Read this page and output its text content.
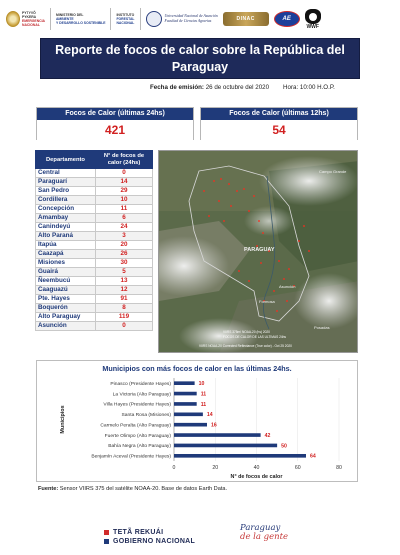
PYTYVÕ
PYKERA
EMERGENCIA
NACIONAL
MINISTERIO DEL
AMBIENTE
Y DESARROLLO SOSTENIBLE
INSTITUTO
FORESTAL
NACIONAL
Universidad Nacional de Asunción
Facultad de Ciencias Agrarias	DINAC	AE
WWF
Reporte de focos de calor sobre la República del
Paraguay
Fecha de emisión: 26 de octubre del 2020 Hora: 10:00 H.O.P.
Focos de Calor (últimas 24hs)
421
Focos de Calor (últimas 12hs)
54
Departamento	N° de focos de calor (24hs)
Central	0
Paraguarí	14
San Pedro	29
Cordillera	10
Concepción	11
Amambay	6
Canindeyú	24
Alto Paraná	3
Itapúa	20
Caazapá	26
Misiones	30
Guairá	5
Ñeembucú	13
Caaguazú	12
Pte. Hayes	91
Boquerón	8
Alto Paraguay	119
Asunción	0
PARAGUAY
Campo Grande
Asunción
Formosa
Posadas
VIIRS 375m/ NOAA-20 (hs) 2020
FOCOS DE CALOR DE LAS ULTIMAS 24hs
VIIRS NOAA-20 Corrected Reflectance (True color) - Oct 25 2020
Municipios con más focos de calor en las últimas 24hs.
0	20	40	60	80
Pinasco (Presidente Hayes)	10
La Victoria (Alto Paraguay)	11
Villa Hayes (Presidente Hayes)	11
Santa Rosa (Misiones)	14
Carmelo Peralta (Alto Paraguay)	16
Fuerte Olimpo (Alto Paraguay)	42
Bahía Negra (Alto Paraguay)	50
Benjamín Aceval (Presidente Hayes)	64
Municipios
N° de focos de calor
Fuente: Sensor VIIRS 375 del satélite NOAA-20. Base de datos Earth Data.
TETÃ REKUÁI
GOBIERNO NACIONAL
Paraguay
de la gente
